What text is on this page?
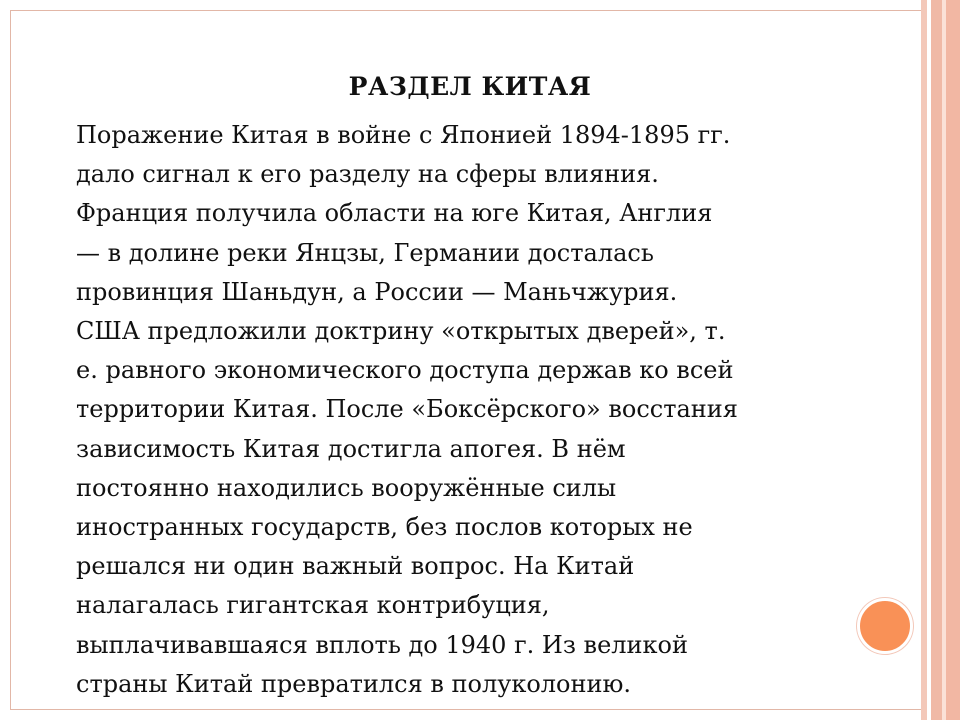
РАЗДЕЛ КИТАЯ

Поражение Китая в войне с Японией 1894-1895 гг.
дало сигнал к его разделу на сферы влияния.
Франция получила области на юге Китая, Англия
— в долине реки Янцзы, Германии досталась
провинция Шаньдун, а России — Маньчжурия.
США предложили доктрину «открытых дверей», т.
е. равного экономического доступа держав ко всей
территории Китая. После «Боксёрского» восстания
зависимость Китая достигла апогея. В нём
постоянно находились вооружённые силы
иностранных государств, без послов которых не
решался ни один важный вопрос. На Китай
налагалась гигантская контрибуция,
выплачивавшаяся вплоть до 1940 г. Из великой
страны Китай превратился в полуколонию.
